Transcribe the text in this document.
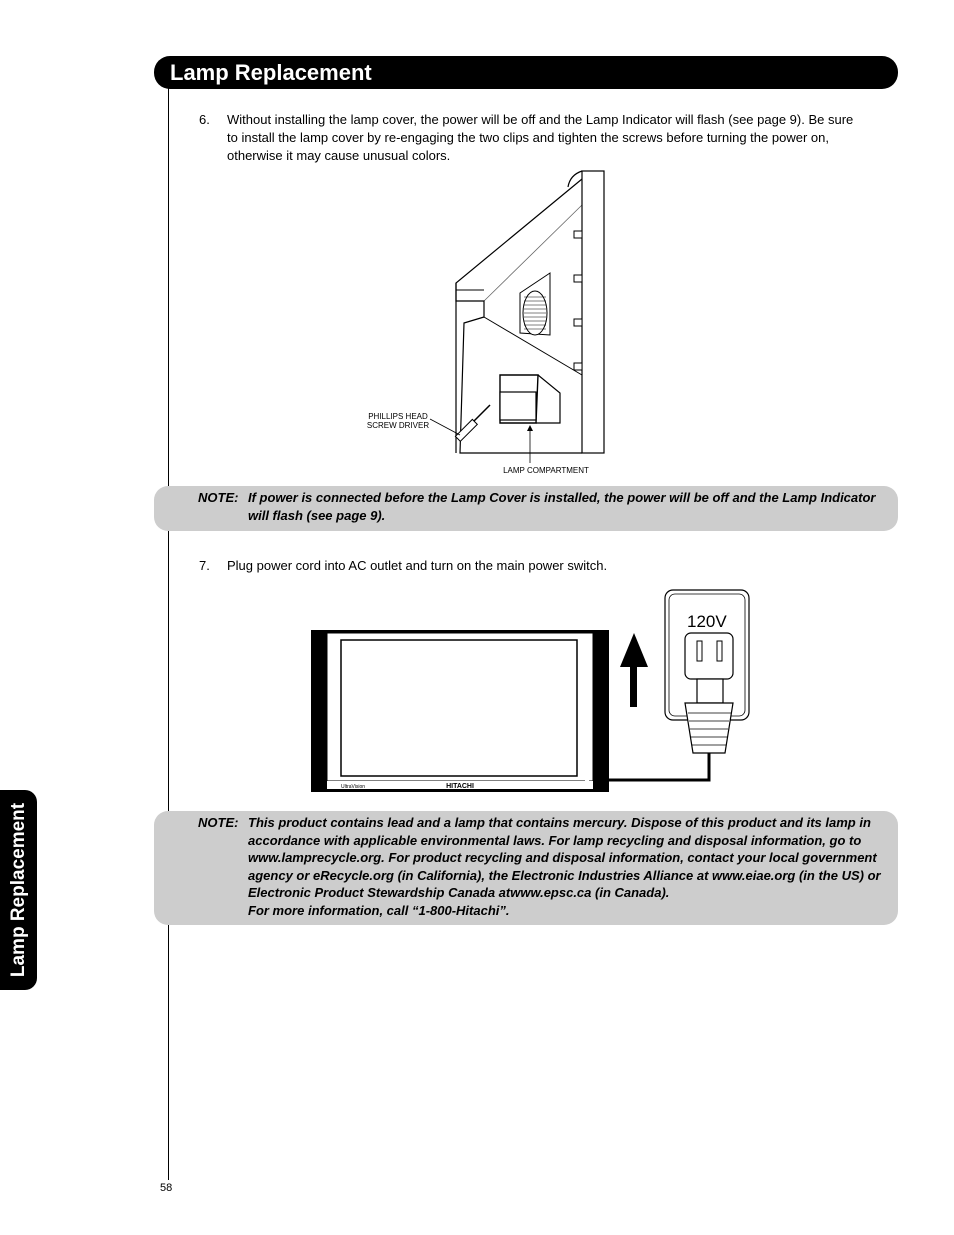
Lamp Replacement
6. Without installing the lamp cover, the power will be off and the Lamp Indicator will flash (see page 9). Be sure
to install the lamp cover by re-engaging the two clips and tighten the screws before turning the power on,
otherwise it may cause unusual colors.
PHILLIPS HEAD
SCREW DRIVER
LAMP COMPARTMENT
NOTE: If power is connected before the Lamp Cover is installed, the power will be off and the Lamp Indicator
will flash (see page 9).
7. Plug power cord into AC outlet and turn on the main power switch.
UltraVision	HITACHI
120V
NOTE: This product contains lead and a lamp that contains mercury. Dispose of this product and its lamp in
accordance with applicable environmental laws. For lamp recycling and disposal information, go to
www.lamprecycle.org. For product recycling and disposal information, contact your local government
agency or eRecycle.org (in California), the Electronic Industries Alliance at www.eiae.org (in the US) or
Electronic Product Stewardship Canada atwww.epsc.ca (in Canada).
For more information, call “1-800-Hitachi”.
Lamp Replacement
58
